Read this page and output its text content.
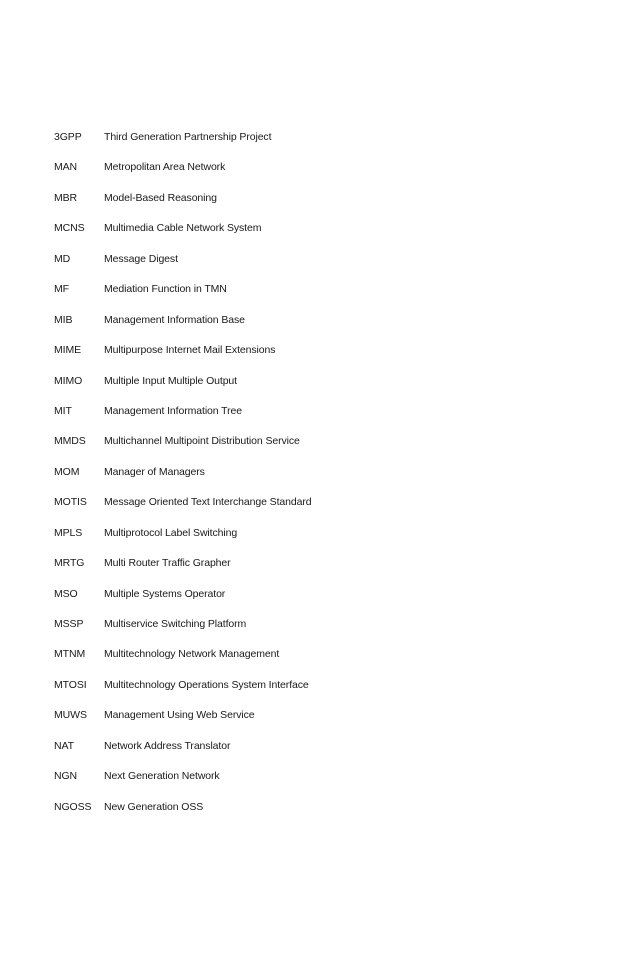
3GPP	Third Generation Partnership Project
MAN	Metropolitan Area Network
MBR	Model-Based Reasoning
MCNS	Multimedia Cable Network System
MD	Message Digest
MF	Mediation Function in TMN
MIB	Management Information Base
MIME	Multipurpose Internet Mail Extensions
MIMO	Multiple Input Multiple Output
MIT	Management Information Tree
MMDS	Multichannel Multipoint Distribution Service
MOM	Manager of Managers
MOTIS	Message Oriented Text Interchange Standard
MPLS	Multiprotocol Label Switching
MRTG	Multi Router Traffic Grapher
MSO	Multiple Systems Operator
MSSP	Multiservice Switching Platform
MTNM	Multitechnology Network Management
MTOSI	Multitechnology Operations System Interface
MUWS	Management Using Web Service
NAT	Network Address Translator
NGN	Next Generation Network
NGOSS	New Generation OSS
